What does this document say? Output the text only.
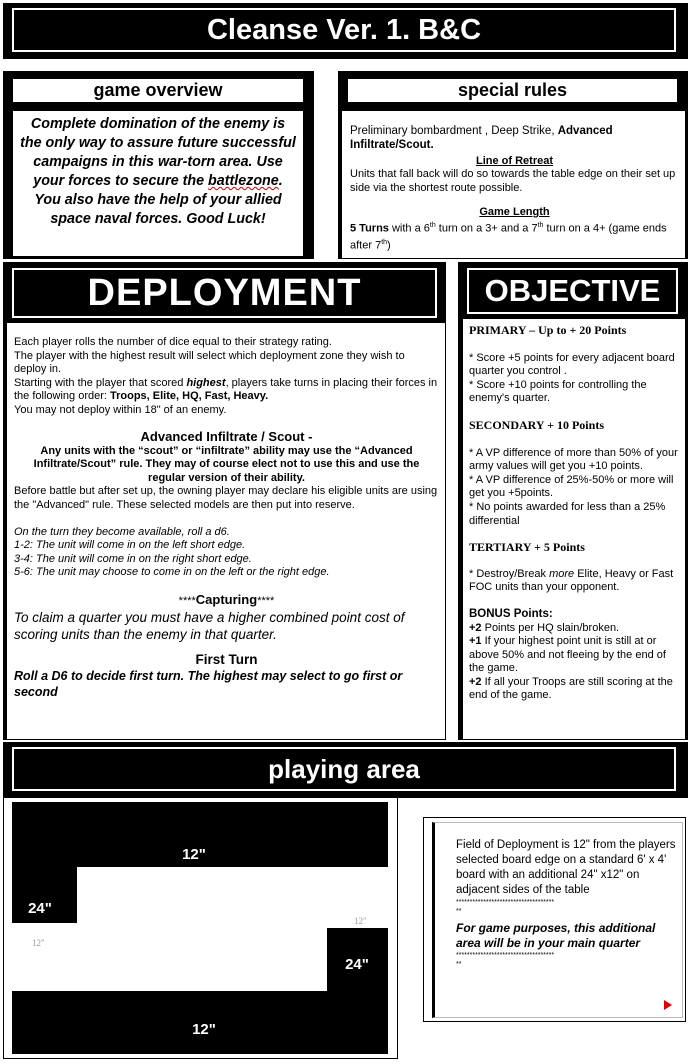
Cleanse Ver. 1. B&C
game overview

Complete domination of the enemy is the only way to assure future successful campaigns in this war-torn area. Use your forces to secure the battlezone. You also have the help of your allied space naval forces. Good Luck!

special rules

Preliminary bombardment , Deep Strike, Advanced Infiltrate/Scout.

Line of Retreat

Units that fall back will do so towards the table edge on their set up side via the shortest route possible.

Game Length

5 Turns with a 6th turn on a 3+ and a 7th turn on a 4+ (game ends after 7th)

DEPLOYMENT

Each player rolls the number of dice equal to their strategy rating.

The player with the highest result will select which deployment zone they wish to deploy in.

Starting with the player that scored highest, players take turns in placing their forces in the following order: Troops, Elite, HQ, Fast, Heavy.

You may not deploy within 18" of an enemy.

Advanced Infiltrate / Scout -

Any units with the “scout” or “infiltrate” ability may use the “Advanced Infiltrate/Scout” rule. They may of course elect not to use this and use the regular version of their ability.

Before battle but after set up, the owning player may declare his eligible units are using the "Advanced" rule. These selected models are then put into reserve.

On the turn they become available, roll a d6.

1-2: The unit will come in on the left short edge.

3-4: The unit will come in on the right short edge.

5-6: The unit may choose to come in on the left or the right edge.

****Capturing****

To claim a quarter you must have a higher combined point cost of scoring units than the enemy in that quarter.

First Turn

Roll a D6 to decide first turn. The highest may select to go first or second

OBJECTIVE

PRIMARY – Up to + 20 Points

* Score +5 points for every adjacent board quarter you control .

* Score +10 points for controlling the enemy's quarter.

SECONDARY + 10 Points

* A VP difference of more than 50% of your army values will get you +10 points.

* A VP difference of 25%-50% or more will get you +5points.

* No points awarded for less than a 25% differential

TERTIARY + 5 Points

* Destroy/Break more Elite, Heavy or Fast FOC units than your opponent.

BONUS Points:

+2 Points per HQ slain/broken.

+1 If your highest point unit is still at or above 50% and not fleeing by the end of the game.

+2 If all your Troops are still scoring at the end of the game.

playing area
12"
24"
24"
12"
12"
12"

Field of Deployment is 12" from the players selected board edge on a standard 6' x 4' board with an additional 24" x12" on adjacent sides of the table

************************************

**

For game purposes, this additional area will be in your main quarter

************************************

**
